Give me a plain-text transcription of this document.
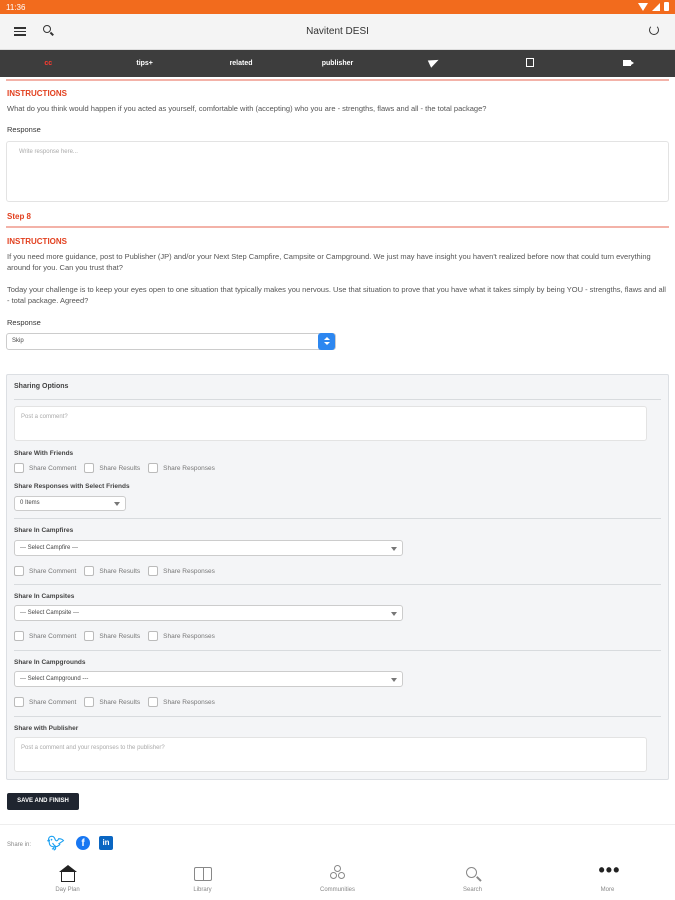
11:36
Navitent DESI
cc	tips+	related	publisher
INSTRUCTIONS
What do you think would happen if you acted as yourself, comfortable with (accepting) who you are - strengths, flaws and all - the total package?
Response
Write response here...
Step 8
INSTRUCTIONS
If you need more guidance, post to Publisher (JP) and/or your Next Step Campfire, Campsite or Campground. We just may have insight you haven't realized before now that could turn everything around for you. Can you trust that?
Today your challenge is to keep your eyes open to one situation that typically makes you nervous. Use that situation to prove that you have what it takes simply by being YOU - strengths, flaws and all - total package. Agreed?
Response
Skip
Sharing Options
Post a comment?
Share With Friends
Share Comment	Share Results	Share Responses
Share Responses with Select Friends
0 Items
Share In Campfires
--- Select Campfire ---
Share Comment	Share Results	Share Responses
Share In Campsites
--- Select Campsite ---
Share Comment	Share Results	Share Responses
Share In Campgrounds
--- Select Campground ---
Share Comment	Share Results	Share Responses
Share with Publisher
Post a comment and your responses to the publisher?
SAVE AND FINISH
Share in: 🐦︎	f	in
Day Plan	Library	Communities	Search
•••
More
